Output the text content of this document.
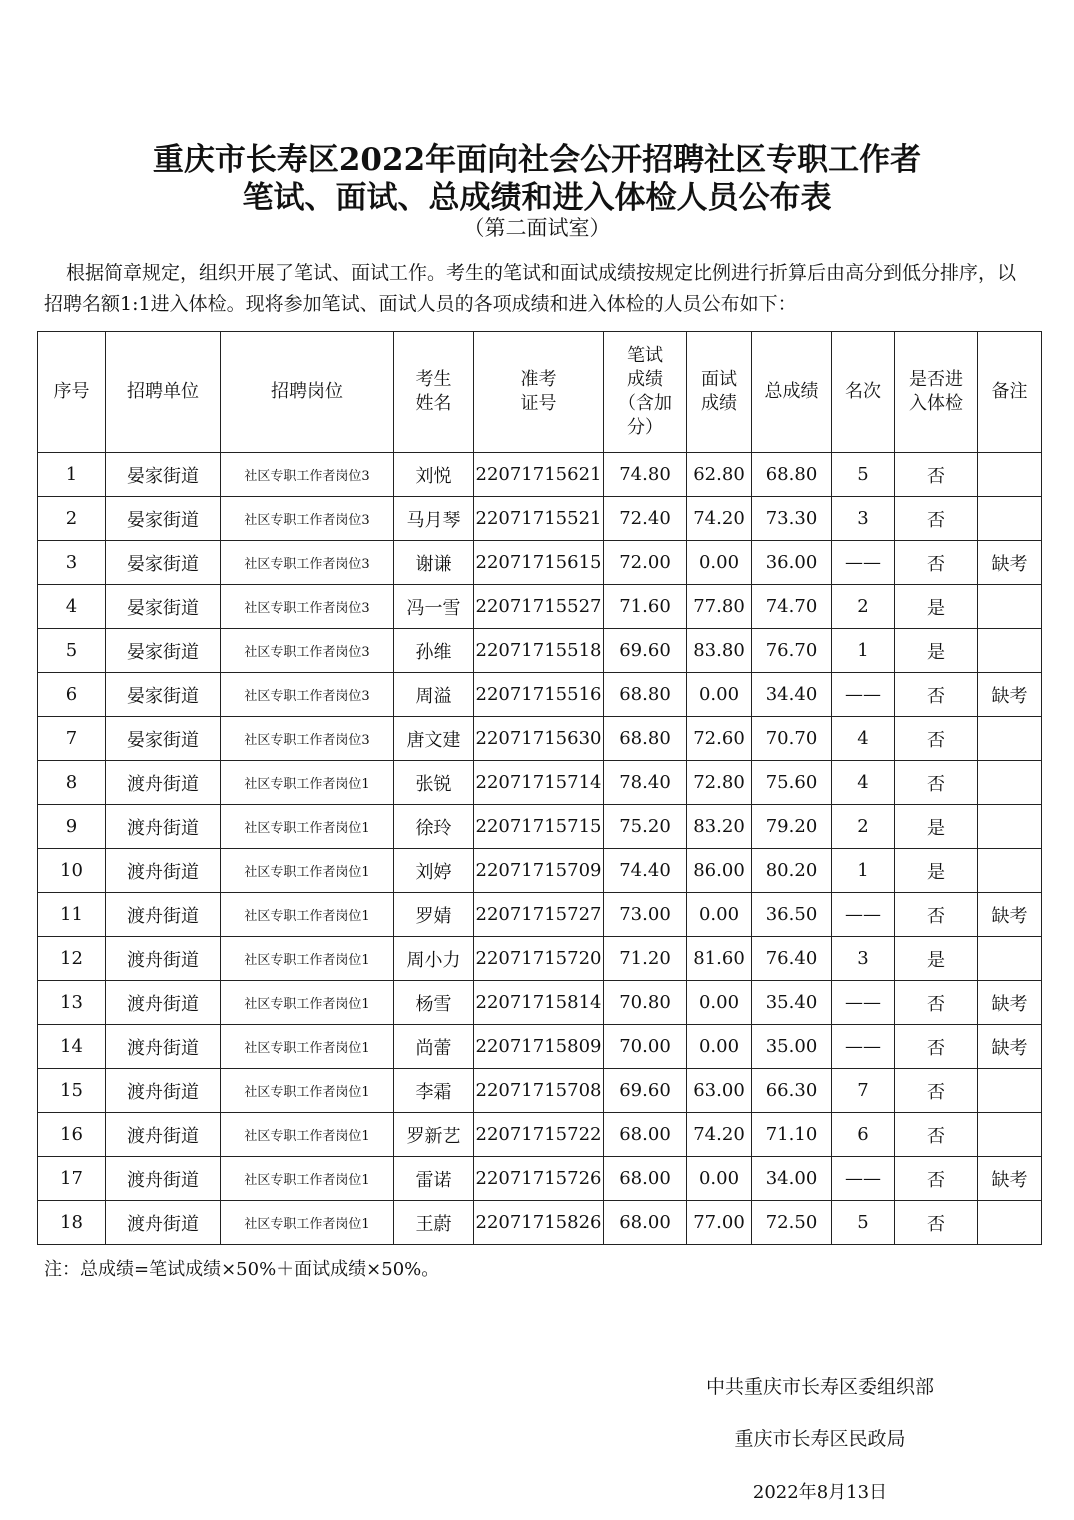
重庆市长寿区2022年面向社会公开招聘社区专职工作者
笔试、面试、总成绩和进入体检人员公布表
（第二面试室）
根据简章规定，组织开展了笔试、面试工作。考生的笔试和面试成绩按规定比例进行折算后由高分到低分排序，以招聘名额1:1进入体检。现将参加笔试、面试人员的各项成绩和进入体检的人员公布如下：
序号	招聘单位	招聘岗位	考生
姓名	准考
证号	笔试
成绩
（含加
分）	面试
成绩	总成绩	名次	是否进
入体检	备注
1	晏家街道	社区专职工作者岗位3	刘悦	22071715621	74.80	62.80	68.80	5	否	
2	晏家街道	社区专职工作者岗位3	马月琴	22071715521	72.40	74.20	73.30	3	否	
3	晏家街道	社区专职工作者岗位3	谢谦	22071715615	72.00	0.00	36.00	——	否	缺考
4	晏家街道	社区专职工作者岗位3	冯一雪	22071715527	71.60	77.80	74.70	2	是	
5	晏家街道	社区专职工作者岗位3	孙维	22071715518	69.60	83.80	76.70	1	是	
6	晏家街道	社区专职工作者岗位3	周溢	22071715516	68.80	0.00	34.40	——	否	缺考
7	晏家街道	社区专职工作者岗位3	唐文建	22071715630	68.80	72.60	70.70	4	否	
8	渡舟街道	社区专职工作者岗位1	张锐	22071715714	78.40	72.80	75.60	4	否	
9	渡舟街道	社区专职工作者岗位1	徐玲	22071715715	75.20	83.20	79.20	2	是	
10	渡舟街道	社区专职工作者岗位1	刘婷	22071715709	74.40	86.00	80.20	1	是	
11	渡舟街道	社区专职工作者岗位1	罗婧	22071715727	73.00	0.00	36.50	——	否	缺考
12	渡舟街道	社区专职工作者岗位1	周小力	22071715720	71.20	81.60	76.40	3	是	
13	渡舟街道	社区专职工作者岗位1	杨雪	22071715814	70.80	0.00	35.40	——	否	缺考
14	渡舟街道	社区专职工作者岗位1	尚蕾	22071715809	70.00	0.00	35.00	——	否	缺考
15	渡舟街道	社区专职工作者岗位1	李霜	22071715708	69.60	63.00	66.30	7	否	
16	渡舟街道	社区专职工作者岗位1	罗新艺	22071715722	68.00	74.20	71.10	6	否	
17	渡舟街道	社区专职工作者岗位1	雷诺	22071715726	68.00	0.00	34.00	——	否	缺考
18	渡舟街道	社区专职工作者岗位1	王蔚	22071715826	68.00	77.00	72.50	5	否	
注：总成绩=笔试成绩×50%＋面试成绩×50%。
中共重庆市长寿区委组织部
重庆市长寿区民政局
2022年8月13日
